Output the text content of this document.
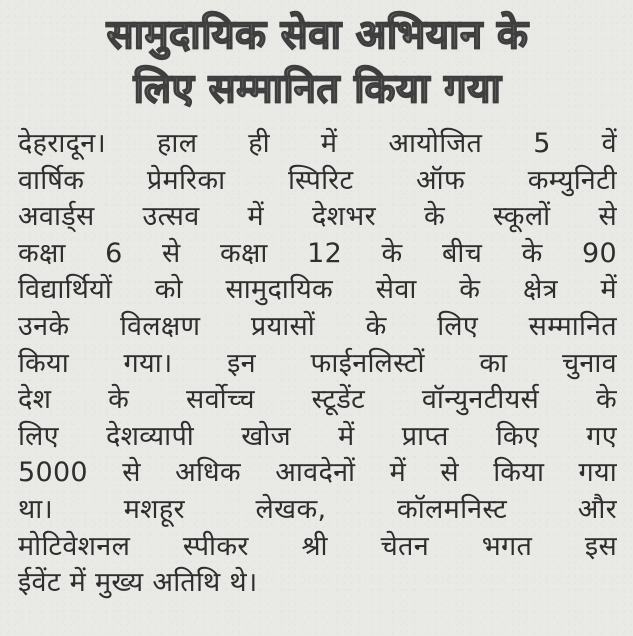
सामुदायिक सेवा अभियान के
लिए सम्मानित किया गया
देहरादून। हाल ही में आयोजित 5 वें
वार्षिक प्रेमरिका स्पिरिट ऑफ कम्युनिटी
अवार्ड्स उत्सव में देशभर के स्कूलों से
कक्षा 6 से कक्षा 12 के बीच के 90
विद्यार्थियों को सामुदायिक सेवा के क्षेत्र में
उनके विलक्षण प्रयासों के लिए सम्मानित
किया गया। इन फाईनलिस्टों का चुनाव
देश के सर्वोच्च स्टूडेंट वॉन्युनटीयर्स के
लिए देशव्यापी खोज में प्राप्त किए गए
5000 से अधिक आवदेनों में से किया गया
था। मशहूर लेखक, कॉलमनिस्ट और
मोटिवेशनल स्पीकर श्री चेतन भगत इस
ईवेंट में मुख्य अतिथि थे।
